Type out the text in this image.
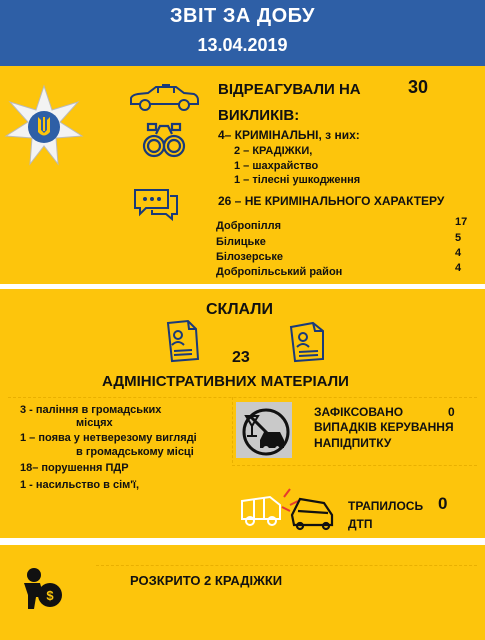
ЗВІТ ЗА ДОБУ
13.04.2019
ВІДРЕАГУВАЛИ НА	30
ВИКЛИКІВ:
4– КРИМІНАЛЬНІ, з них:
2 – КРАДІЖКИ,
1 – шахрайство
1 – тілесні ушкодження
26 – НЕ КРИМІНАЛЬНОГО ХАРАКТЕРУ
Добропілля	17
Білицьке	5
Білозерське	4
Добропільський район	4
СКЛАЛИ
23
АДМІНІСТРАТИВНИХ МАТЕРІАЛИ
3 - паління в громадських
місцях
1 – поява у нетверезому вигляді
в громадському місці
18– порушення ПДР
1 - насильство в сім'ї,
ЗАФІКСОВАНО	0
ВИПАДКІВ КЕРУВАННЯ
НАПІДПИТКУ
ТРАПИЛОСЬ 0
ДТП
$
РОЗКРИТО 2 КРАДІЖКИ
